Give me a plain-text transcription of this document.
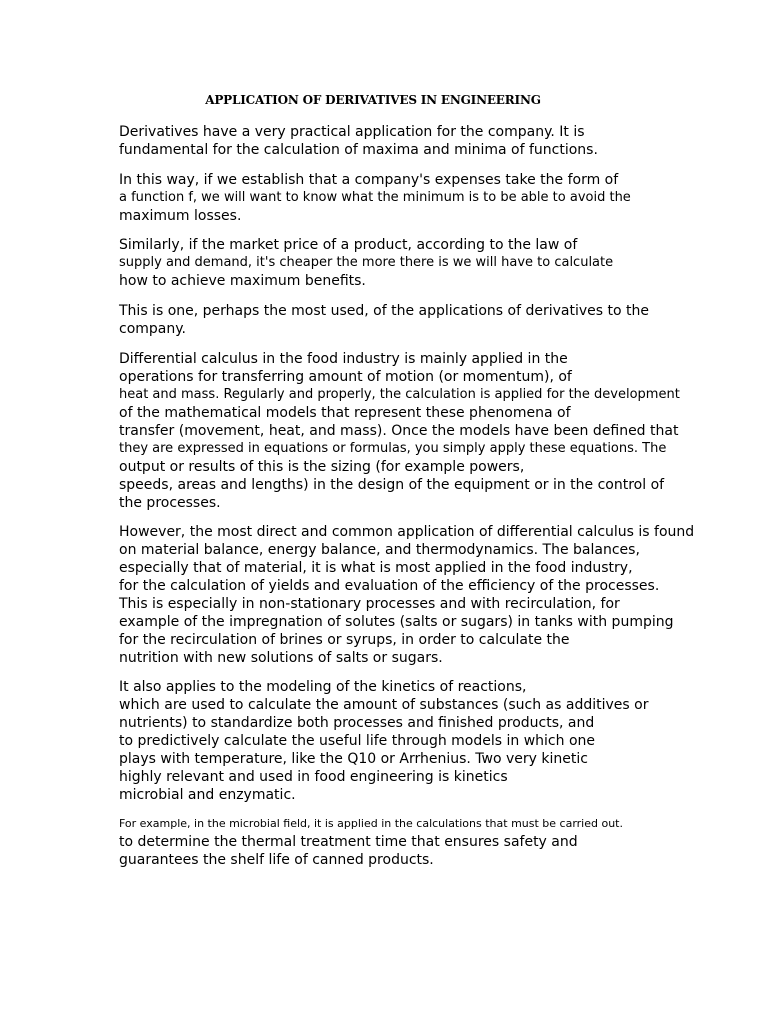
APPLICATION OF DERIVATIVES IN ENGINEERING
Derivatives have a very practical application for the company. It is
fundamental for the calculation of maxima and minima of functions.
In this way, if we establish that a company's expenses take the form of
a function f, we will want to know what the minimum is to be able to avoid the
maximum losses.
Similarly, if the market price of a product, according to the law of
supply and demand, it's cheaper the more there is we will have to calculate
how to achieve maximum benefits.
This is one, perhaps the most used, of the applications of derivatives to the
company.
Differential calculus in the food industry is mainly applied in the
operations for transferring amount of motion (or momentum), of
heat and mass. Regularly and properly, the calculation is applied for the development
of the mathematical models that represent these phenomena of
transfer (movement, heat, and mass). Once the models have been defined that
they are expressed in equations or formulas, you simply apply these equations. The
output or results of this is the sizing (for example powers,
speeds, areas and lengths) in the design of the equipment or in the control of
the processes.
However, the most direct and common application of differential calculus is found
on material balance, energy balance, and thermodynamics. The balances,
especially that of material, it is what is most applied in the food industry,
for the calculation of yields and evaluation of the efficiency of the processes.
This is especially in non-stationary processes and with recirculation, for
example of the impregnation of solutes (salts or sugars) in tanks with pumping
for the recirculation of brines or syrups, in order to calculate the
nutrition with new solutions of salts or sugars.
It also applies to the modeling of the kinetics of reactions,
which are used to calculate the amount of substances (such as additives or
nutrients) to standardize both processes and finished products, and
to predictively calculate the useful life through models in which one
plays with temperature, like the Q10 or Arrhenius. Two very kinetic
highly relevant and used in food engineering is kinetics
microbial and enzymatic.
For example, in the microbial field, it is applied in the calculations that must be carried out.
to determine the thermal treatment time that ensures safety and
guarantees the shelf life of canned products.
